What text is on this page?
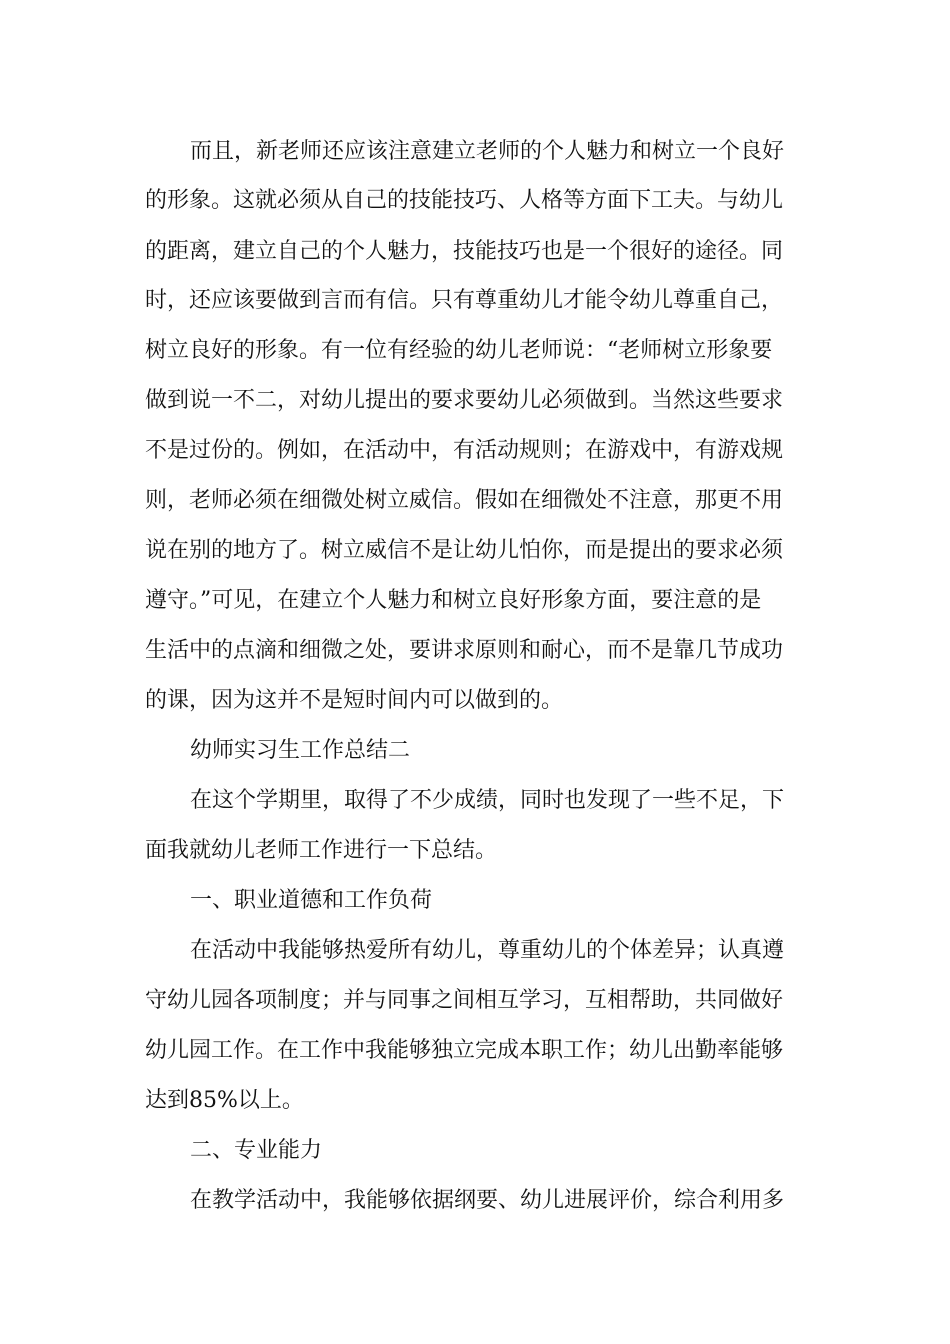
而且，新老师还应该注意建立老师的个人魅力和树立一个良好
的形象。这就必须从自己的技能技巧、人格等方面下工夫。与幼儿
的距离，建立自己的个人魅力，技能技巧也是一个很好的途径。同
时，还应该要做到言而有信。只有尊重幼儿才能令幼儿尊重自己，
树立良好的形象。有一位有经验的幼儿老师说：“老师树立形象要
做到说一不二，对幼儿提出的要求要幼儿必须做到。当然这些要求
不是过份的。例如，在活动中，有活动规则；在游戏中，有游戏规
则，老师必须在细微处树立威信。假如在细微处不注意，那更不用
说在别的地方了。树立威信不是让幼儿怕你，而是提出的要求必须
遵守。”可见，在建立个人魅力和树立良好形象方面，要注意的是
生活中的点滴和细微之处，要讲求原则和耐心，而不是靠几节成功
的课，因为这并不是短时间内可以做到的。
幼师实习生工作总结二
在这个学期里，取得了不少成绩，同时也发现了一些不足，下
面我就幼儿老师工作进行一下总结。
一、职业道德和工作负荷
在活动中我能够热爱所有幼儿，尊重幼儿的个体差异；认真遵
守幼儿园各项制度；并与同事之间相互学习，互相帮助，共同做好
幼儿园工作。在工作中我能够独立完成本职工作；幼儿出勤率能够
达到85%以上。
二、专业能力
在教学活动中，我能够依据纲要、幼儿进展评价，综合利用多
